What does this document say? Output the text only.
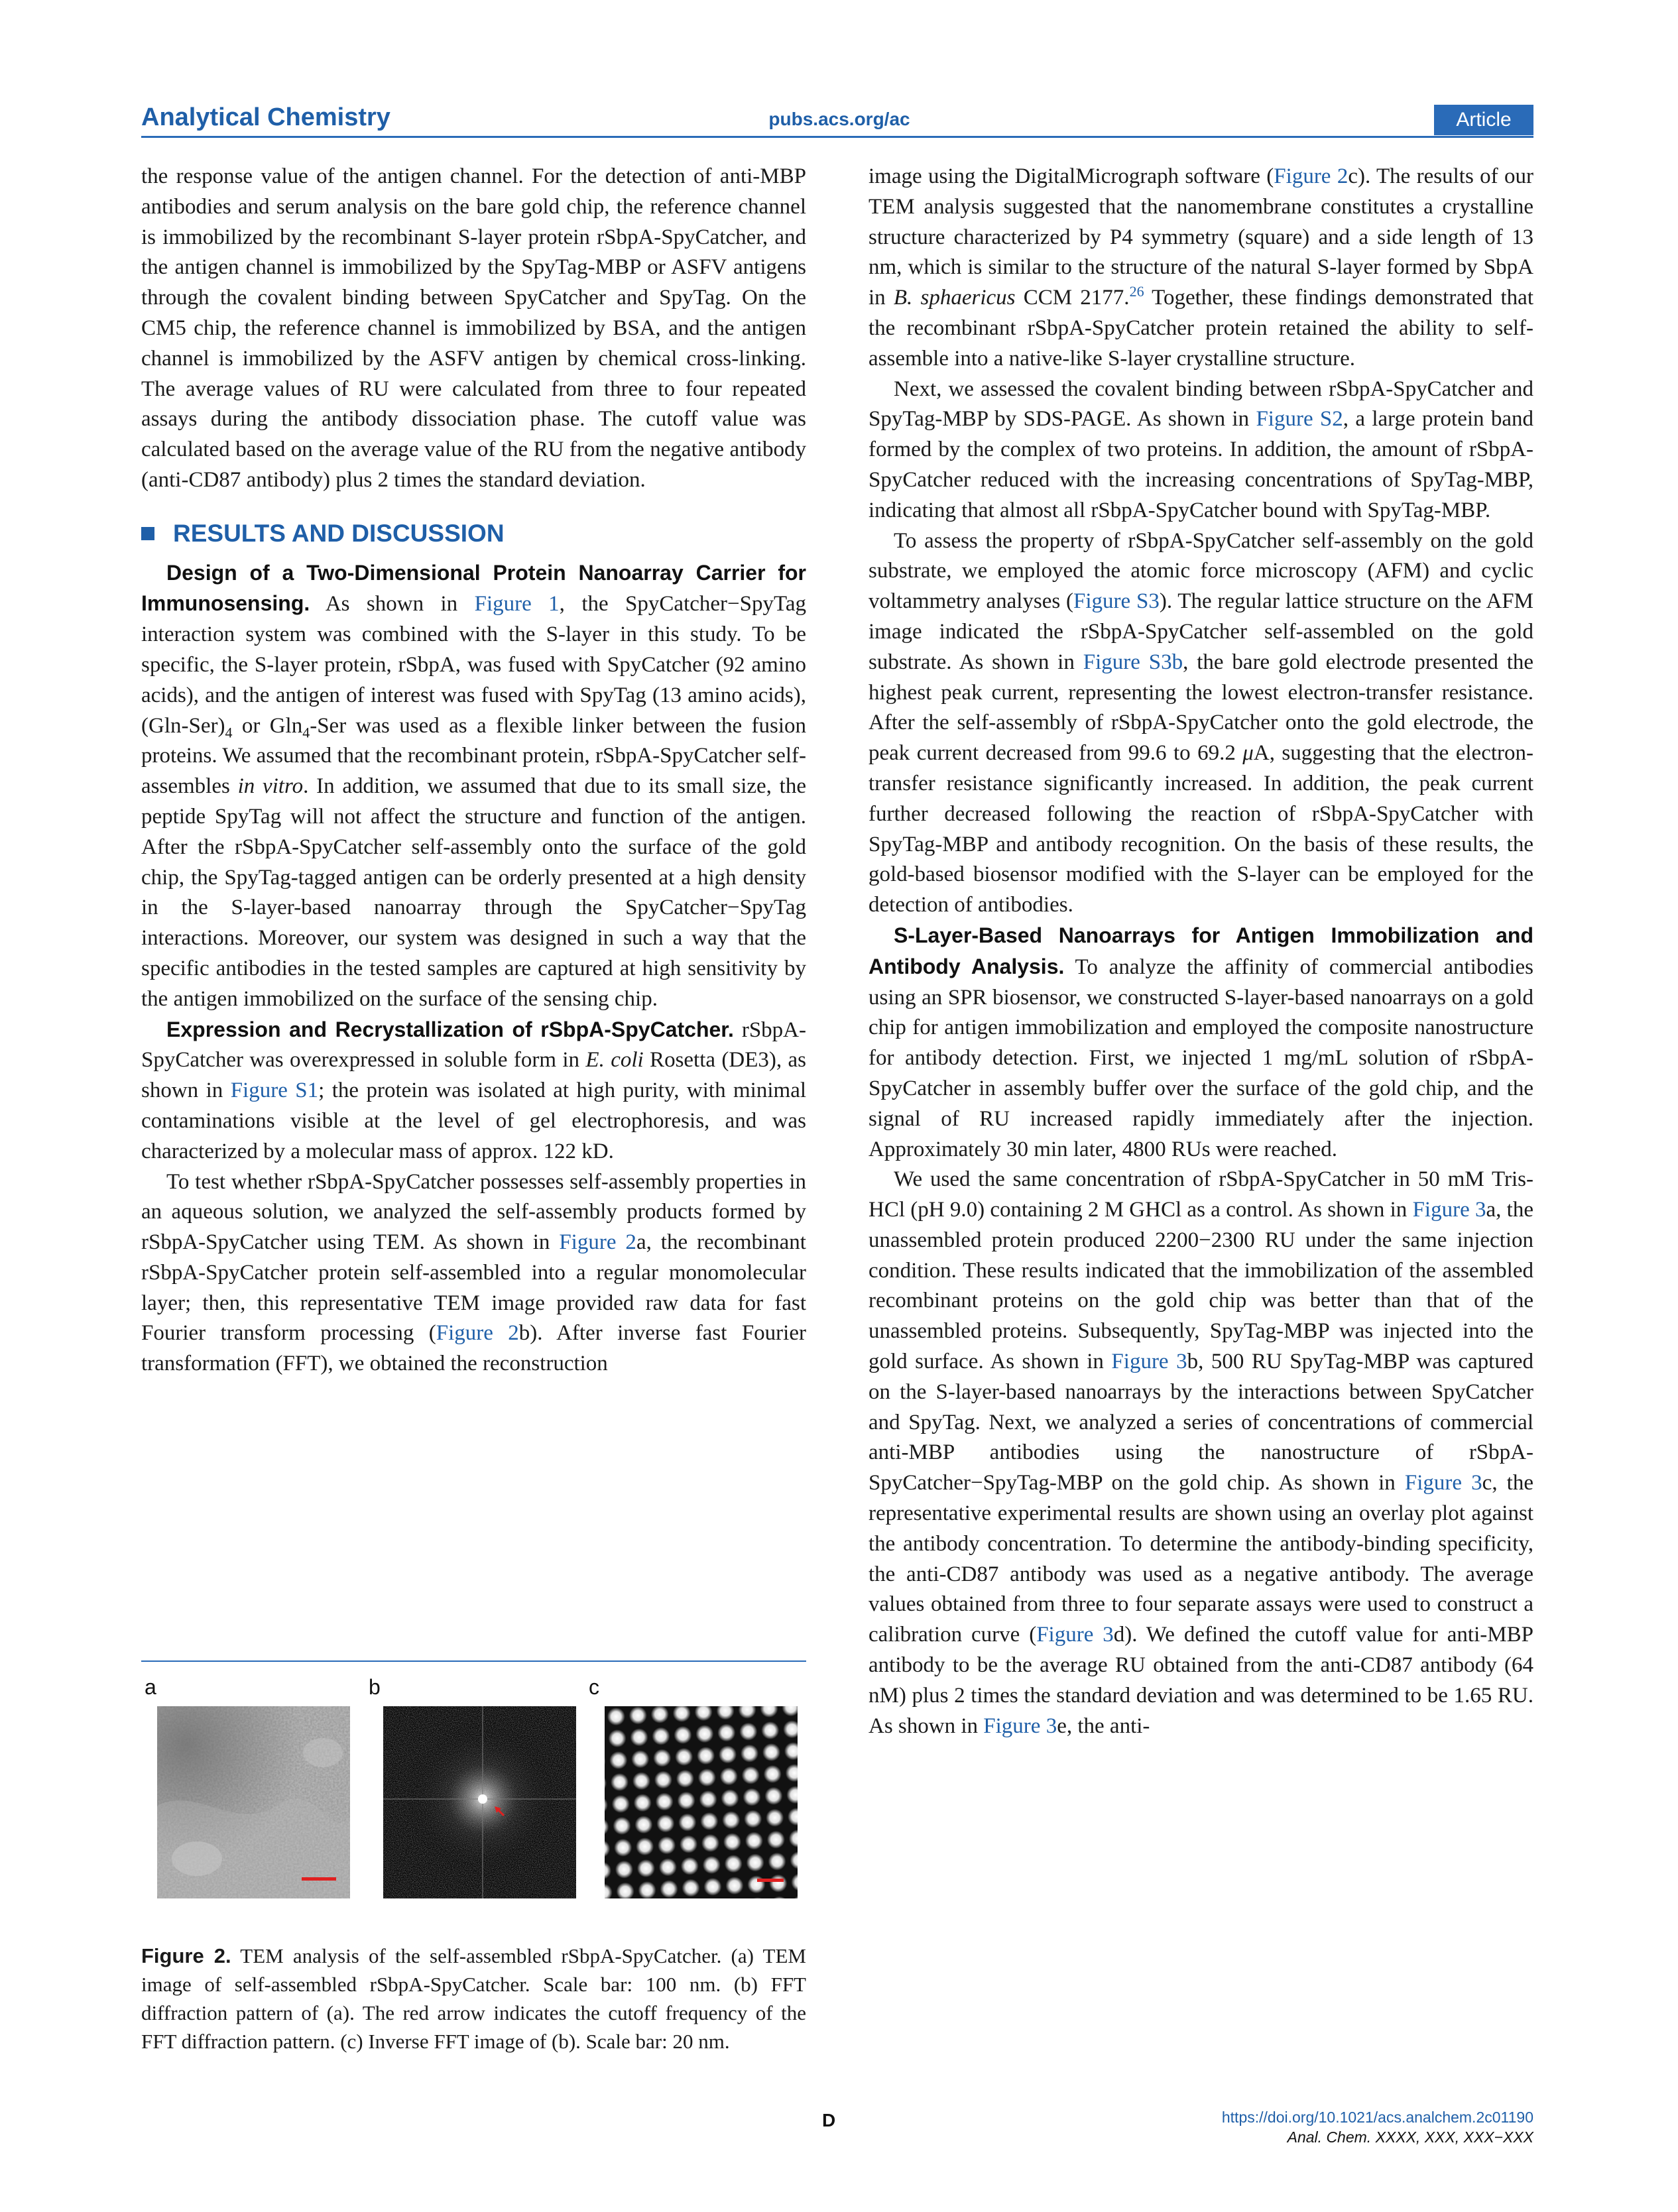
Analytical Chemistry	pubs.acs.org/ac	Article

the response value of the antigen channel. For the detection of anti-MBP antibodies and serum analysis on the bare gold chip, the reference channel is immobilized by the recombinant S-layer protein rSbpA-SpyCatcher, and the antigen channel is immobilized by the SpyTag-MBP or ASFV antigens through the covalent binding between SpyCatcher and SpyTag. On the CM5 chip, the reference channel is immobilized by BSA, and the antigen channel is immobilized by the ASFV antigen by chemical cross-linking. The average values of RU were calculated from three to four repeated assays during the antibody dissociation phase. The cutoff value was calculated based on the average value of the RU from the negative antibody (anti-CD87 antibody) plus 2 times the standard deviation.

RESULTS AND DISCUSSION

Design of a Two-Dimensional Protein Nanoarray Carrier for Immunosensing. As shown in Figure 1, the SpyCatcher−SpyTag interaction system was combined with the S-layer in this study. To be specific, the S-layer protein, rSbpA, was fused with SpyCatcher (92 amino acids), and the antigen of interest was fused with SpyTag (13 amino acids), $(Gln-Ser)_4$ or Gln$_4$-Ser was used as a flexible linker between the fusion proteins. We assumed that the recombinant protein, rSbpA-SpyCatcher self-assembles in vitro. In addition, we assumed that due to its small size, the peptide SpyTag will not affect the structure and function of the antigen. After the rSbpA-SpyCatcher self-assembly onto the surface of the gold chip, the SpyTag-tagged antigen can be orderly presented at a high density in the S-layer-based nanoarray through the SpyCatcher−SpyTag interactions. Moreover, our system was designed in such a way that the specific antibodies in the tested samples are captured at high sensitivity by the antigen immobilized on the surface of the sensing chip.

Expression and Recrystallization of rSbpA-SpyCatcher. rSbpA-SpyCatcher was overexpressed in soluble form in E. coli Rosetta (DE3), as shown in Figure S1; the protein was isolated at high purity, with minimal contaminations visible at the level of gel electrophoresis, and was characterized by a molecular mass of approx. 122 kD.

To test whether rSbpA-SpyCatcher possesses self-assembly properties in an aqueous solution, we analyzed the self-assembly products formed by rSbpA-SpyCatcher using TEM. As shown in Figure 2a, the recombinant rSbpA-SpyCatcher protein self-assembled into a regular monomolecular layer; then, this representative TEM image provided raw data for fast Fourier transform processing (Figure 2b). After inverse fast Fourier transformation (FFT), we obtained the reconstruction

a	b	c
Figure 2. TEM analysis of the self-assembled rSbpA-SpyCatcher. (a) TEM image of self-assembled rSbpA-SpyCatcher. Scale bar: 100 nm. (b) FFT diffraction pattern of (a). The red arrow indicates the cutoff frequency of the FFT diffraction pattern. (c) Inverse FFT image of (b). Scale bar: 20 nm.

image using the DigitalMicrograph software (Figure 2c). The results of our TEM analysis suggested that the nanomembrane constitutes a crystalline structure characterized by P4 symmetry (square) and a side length of 13 nm, which is similar to the structure of the natural S-layer formed by SbpA in B. sphaericus CCM 2177.26 Together, these findings demonstrated that the recombinant rSbpA-SpyCatcher protein retained the ability to self-assemble into a native-like S-layer crystalline structure.

Next, we assessed the covalent binding between rSbpA-SpyCatcher and SpyTag-MBP by SDS-PAGE. As shown in Figure S2, a large protein band formed by the complex of two proteins. In addition, the amount of rSbpA-SpyCatcher reduced with the increasing concentrations of SpyTag-MBP, indicating that almost all rSbpA-SpyCatcher bound with SpyTag-MBP.

To assess the property of rSbpA-SpyCatcher self-assembly on the gold substrate, we employed the atomic force microscopy (AFM) and cyclic voltammetry analyses (Figure S3). The regular lattice structure on the AFM image indicated the rSbpA-SpyCatcher self-assembled on the gold substrate. As shown in Figure S3b, the bare gold electrode presented the highest peak current, representing the lowest electron-transfer resistance. After the self-assembly of rSbpA-SpyCatcher onto the gold electrode, the peak current decreased from 99.6 to 69.2 μA, suggesting that the electron-transfer resistance significantly increased. In addition, the peak current further decreased following the reaction of rSbpA-SpyCatcher with SpyTag-MBP and antibody recognition. On the basis of these results, the gold-based biosensor modified with the S-layer can be employed for the detection of antibodies.

S-Layer-Based Nanoarrays for Antigen Immobilization and Antibody Analysis. To analyze the affinity of commercial antibodies using an SPR biosensor, we constructed S-layer-based nanoarrays on a gold chip for antigen immobilization and employed the composite nanostructure for antibody detection. First, we injected 1 mg/mL solution of rSbpA-SpyCatcher in assembly buffer over the surface of the gold chip, and the signal of RU increased rapidly immediately after the injection. Approximately 30 min later, 4800 RUs were reached.

We used the same concentration of rSbpA-SpyCatcher in 50 mM Tris-HCl (pH 9.0) containing 2 M GHCl as a control. As shown in Figure 3a, the unassembled protein produced 2200−2300 RU under the same injection condition. These results indicated that the immobilization of the assembled recombinant proteins on the gold chip was better than that of the unassembled proteins. Subsequently, SpyTag-MBP was injected into the gold surface. As shown in Figure 3b, 500 RU SpyTag-MBP was captured on the S-layer-based nanoarrays by the interactions between SpyCatcher and SpyTag. Next, we analyzed a series of concentrations of commercial anti-MBP antibodies using the nanostructure of rSbpA-SpyCatcher−SpyTag-MBP on the gold chip. As shown in Figure 3c, the representative experimental results are shown using an overlay plot against the antibody concentration. To determine the antibody-binding specificity, the anti-CD87 antibody was used as a negative antibody. The average values obtained from three to four separate assays were used to construct a calibration curve (Figure 3d). We defined the cutoff value for anti-MBP antibody to be the average RU obtained from the anti-CD87 antibody (64 nM) plus 2 times the standard deviation and was determined to be 1.65 RU. As shown in Figure 3e, the anti-

D	https://doi.org/10.1021/acs.analchem.2c01190
Anal. Chem. XXXX, XXX, XXX−XXX
